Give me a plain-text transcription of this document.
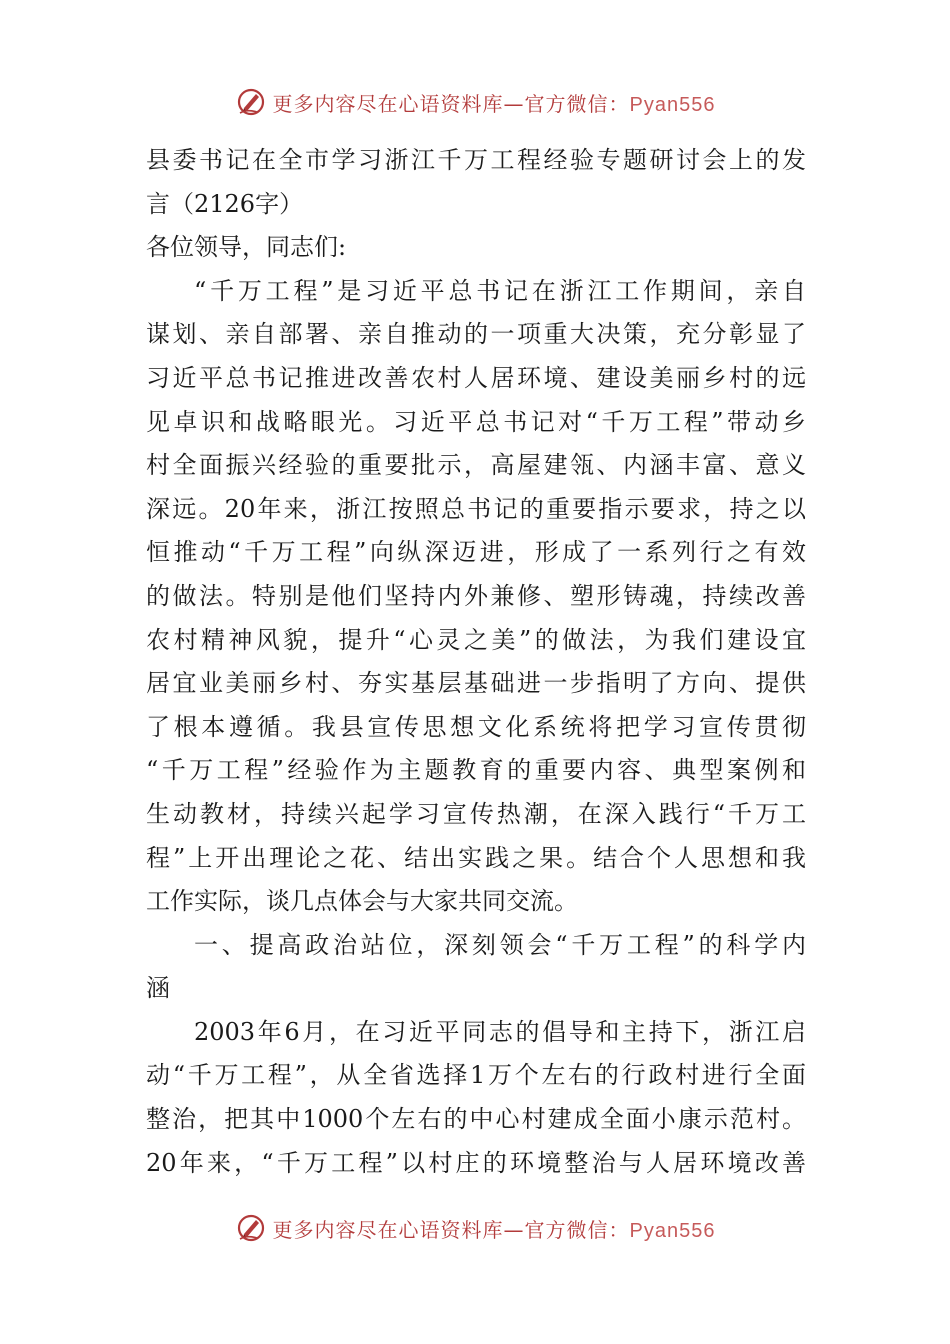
更多内容尽在心语资料库—官方微信：Pyan556
县委书记在全市学习浙江千万工程经验专题研讨会上的发
言（2126字）
各位领导，同志们:
“千万工程”是习近平总书记在浙江工作期间，亲自
谋划、亲自部署、亲自推动的一项重大决策，充分彰显了
习近平总书记推进改善农村人居环境、建设美丽乡村的远
见卓识和战略眼光。习近平总书记对“千万工程”带动乡
村全面振兴经验的重要批示，高屋建瓴、内涵丰富、意义
深远。20年来，浙江按照总书记的重要指示要求，持之以
恒推动“千万工程”向纵深迈进，形成了一系列行之有效
的做法。特别是他们坚持内外兼修、塑形铸魂，持续改善
农村精神风貌，提升“心灵之美”的做法，为我们建设宜
居宜业美丽乡村、夯实基层基础进一步指明了方向、提供
了根本遵循。我县宣传思想文化系统将把学习宣传贯彻
“千万工程”经验作为主题教育的重要内容、典型案例和
生动教材，持续兴起学习宣传热潮，在深入践行“千万工
程”上开出理论之花、结出实践之果。结合个人思想和我
工作实际，谈几点体会与大家共同交流。
一、提高政治站位，深刻领会“千万工程”的科学内
涵
2003年6月，在习近平同志的倡导和主持下，浙江启
动“千万工程”，从全省选择1万个左右的行政村进行全面
整治，把其中1000个左右的中心村建成全面小康示范村。
20年来，“千万工程”以村庄的环境整治与人居环境改善
更多内容尽在心语资料库—官方微信：Pyan556
